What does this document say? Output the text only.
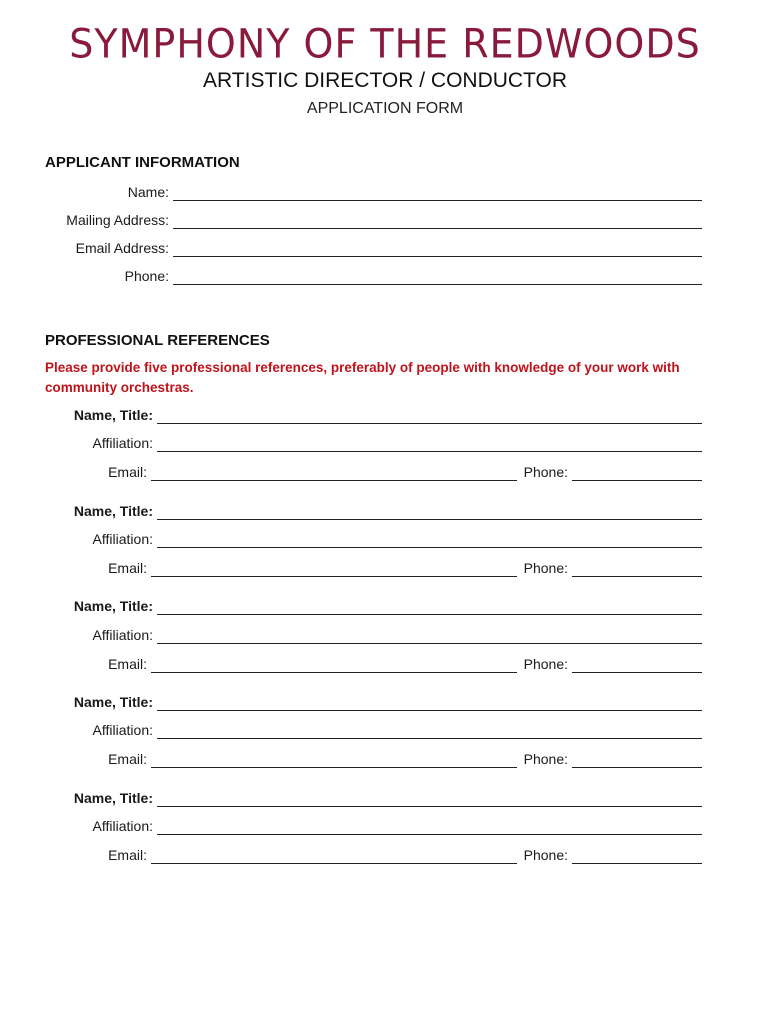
SYMPHONY OF THE REDWOODS
ARTISTIC DIRECTOR / CONDUCTOR
APPLICATION FORM
APPLICANT INFORMATION
Name:
Mailing Address:
Email Address:
Phone:
PROFESSIONAL REFERENCES
Please provide five professional references, preferably of people with knowledge of your work with community orchestras.
Name, Title:
Affiliation:
Email:	Phone:
Name, Title:
Affiliation:
Email:	Phone:
Name, Title:
Affiliation:
Email:	Phone:
Name, Title:
Affiliation:
Email:	Phone:
Name, Title:
Affiliation:
Email:	Phone:
